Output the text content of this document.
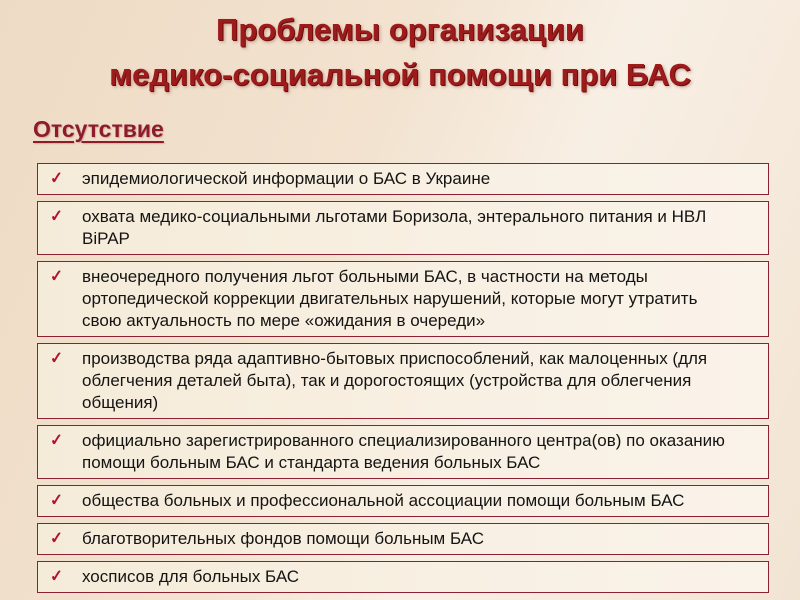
Проблемы организации
медико-социальной помощи при БАС
Отсутствие
✓ эпидемиологической информации о БАС в Украине
✓ охвата медико-социальными льготами Боризола, энтерального питания и НВЛ BiPAP
✓ внеочередного получения льгот больными БАС, в частности на методы ортопедической коррекции двигательных нарушений, которые могут утратить свою актуальность по мере «ожидания в очереди»
✓ производства ряда адаптивно-бытовых приспособлений, как малоценных (для облегчения деталей быта), так и дорогостоящих (устройства для облегчения общения)
✓ официально зарегистрированного специализированного центра(ов) по оказанию помощи больным БАС и стандарта ведения больных БАС
✓ общества больных и профессиональной ассоциации помощи больным БАС
✓ благотворительных фондов помощи больным БАС
✓ хосписов для больных БАС
